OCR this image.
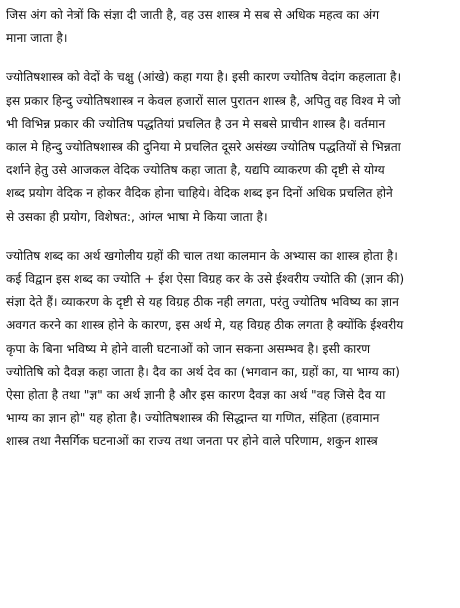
जिस अंग को नेत्रों कि संज्ञा दी जाती है, वह उस शास्त्र मे सब से अधिक महत्व का अंग
माना जाता है।

ज्योतिषशास्त्र को वेदों के चक्षु (आंखे) कहा गया है। इसी कारण ज्योतिष वेदांग कहलाता है।
इस प्रकार हिन्दु ज्योतिषशास्त्र न केवल हजारों साल पुरातन शास्त्र है, अपितु वह विश्व मे जो
भी विभिन्न प्रकार की ज्योतिष पद्धतियां प्रचलित है उन मे सबसे प्राचीन शास्त्र है। वर्तमान
काल मे हिन्दु ज्योतिषशास्त्र की दुनिया मे प्रचलित दूसरे असंख्य ज्योतिष पद्धतियों से भिन्नता
दर्शाने हेतु उसे आजकल वेदिक ज्योतिष कहा जाता है, यद्यपि व्याकरण की दृष्टी से योग्य
शब्द प्रयोग वेदिक न होकर वैदिक होना चाहिये। वेदिक शब्द इन दिनों अधिक प्रचलित होने
से उसका ही प्रयोग, विशेषत:, आंग्ल भाषा मे किया जाता है।

ज्योतिष शब्द का अर्थ खगोलीय ग्रहों की चाल तथा कालमान के अभ्यास का शास्त्र होता है।
कई विद्वान इस शब्द का ज्योति + ईश ऐसा विग्रह कर के उसे ईश्वरीय ज्योति की (ज्ञान की)
संज्ञा देते हैं। व्याकरण के दृष्टी से यह विग्रह ठीक नही लगता, परंतु ज्योतिष भविष्य का ज्ञान
अवगत करने का शास्त्र होने के कारण, इस अर्थ मे, यह विग्रह ठीक लगता है क्योंकि ईश्वरीय
कृपा के बिना भविष्य मे होने वाली घटनाओं को जान सकना असम्भव है। इसी कारण
ज्योतिषि को दैवज्ञ कहा जाता है। दैव का अर्थ देव का (भगवान का, ग्रहों का, या भाग्य का)
ऐसा होता है तथा "ज्ञ" का अर्थ ज्ञानी है और इस कारण दैवज्ञ का अर्थ "वह जिसे दैव या
भाग्य का ज्ञान हो" यह होता है। ज्योतिषशास्त्र की सिद्धान्त या गणित, संहिता (हवामान
शास्त्र तथा नैसर्गिक घटनाओं का राज्य तथा जनता पर होने वाले परिणाम, शकुन शास्त्र
